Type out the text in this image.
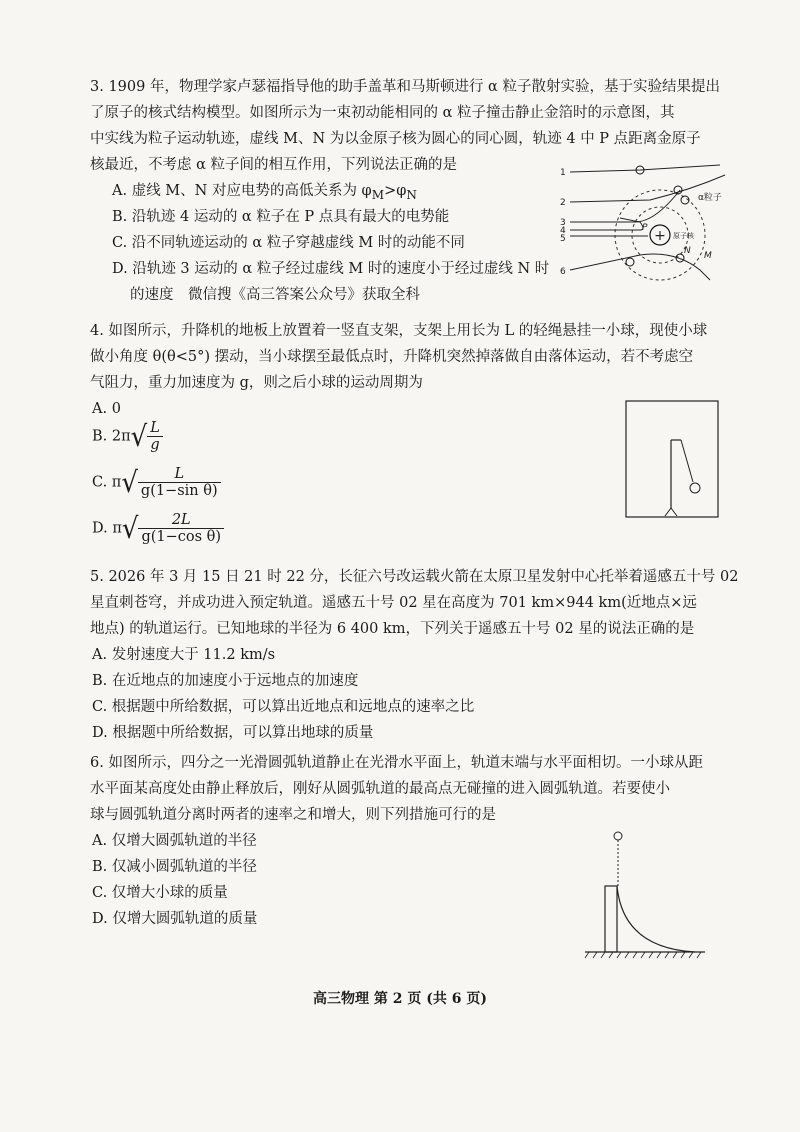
3. 1909 年，物理学家卢瑟福指导他的助手盖革和马斯顿进行 α 粒子散射实验，基于实验结果提出
了原子的核式结构模型。如图所示为一束初动能相同的 α 粒子撞击静止金箔时的示意图，其
中实线为粒子运动轨迹，虚线 M、N 为以金原子核为圆心的同心圆，轨迹 4 中 P 点距离金原子
核最近，不考虑 α 粒子间的相互作用，下列说法正确的是
A. 虚线 M、N 对应电势的高低关系为 $\varphi_M>\varphi_N$
B. 沿轨迹 4 运动的 α 粒子在 P 点具有最大的电势能
C. 沿不同轨迹运动的 α 粒子穿越虚线 M 时的动能不同
D. 沿轨迹 3 运动的 α 粒子经过虚线 M 时的速度小于经过虚线 N 时
的速度　微信搜《高三答案公众号》获取全科
+
1
2
3
4
5
6
α粒子
原子核
P
N M
4. 如图所示，升降机的地板上放置着一竖直支架，支架上用长为 L 的轻绳悬挂一小球，现使小球
做小角度 θ(θ<5°) 摆动，当小球摆至最低点时，升降机突然掉落做自由落体运动，若不考虑空
气阻力，重力加速度为 g，则之后小球的运动周期为
A. 0
B. $2\pi√ \frac{L}{g}$
C. $\pi√ \frac{L}{\text{g(1−sin θ)}}$
D. $\pi√ \frac{2L}{\text{g(1−cos θ)}}$
5. 2026 年 3 月 15 日 21 时 22 分，长征六号改运载火箭在太原卫星发射中心托举着遥感五十号 02
星直刺苍穹，并成功进入预定轨道。遥感五十号 02 星在高度为 701 km×944 km(近地点×远
地点) 的轨道运行。已知地球的半径为 6 400 km，下列关于遥感五十号 02 星的说法正确的是
A. 发射速度大于 11.2 km/s
B. 在近地点的加速度小于远地点的加速度
C. 根据题中所给数据，可以算出近地点和远地点的速率之比
D. 根据题中所给数据，可以算出地球的质量
6. 如图所示，四分之一光滑圆弧轨道静止在光滑水平面上，轨道末端与水平面相切。一小球从距
水平面某高度处由静止释放后，刚好从圆弧轨道的最高点无碰撞的进入圆弧轨道。若要使小
球与圆弧轨道分离时两者的速率之和增大，则下列措施可行的是
A. 仅增大圆弧轨道的半径
B. 仅减小圆弧轨道的半径
C. 仅增大小球的质量
D. 仅增大圆弧轨道的质量
高三物理 第 2 页 (共 6 页)
